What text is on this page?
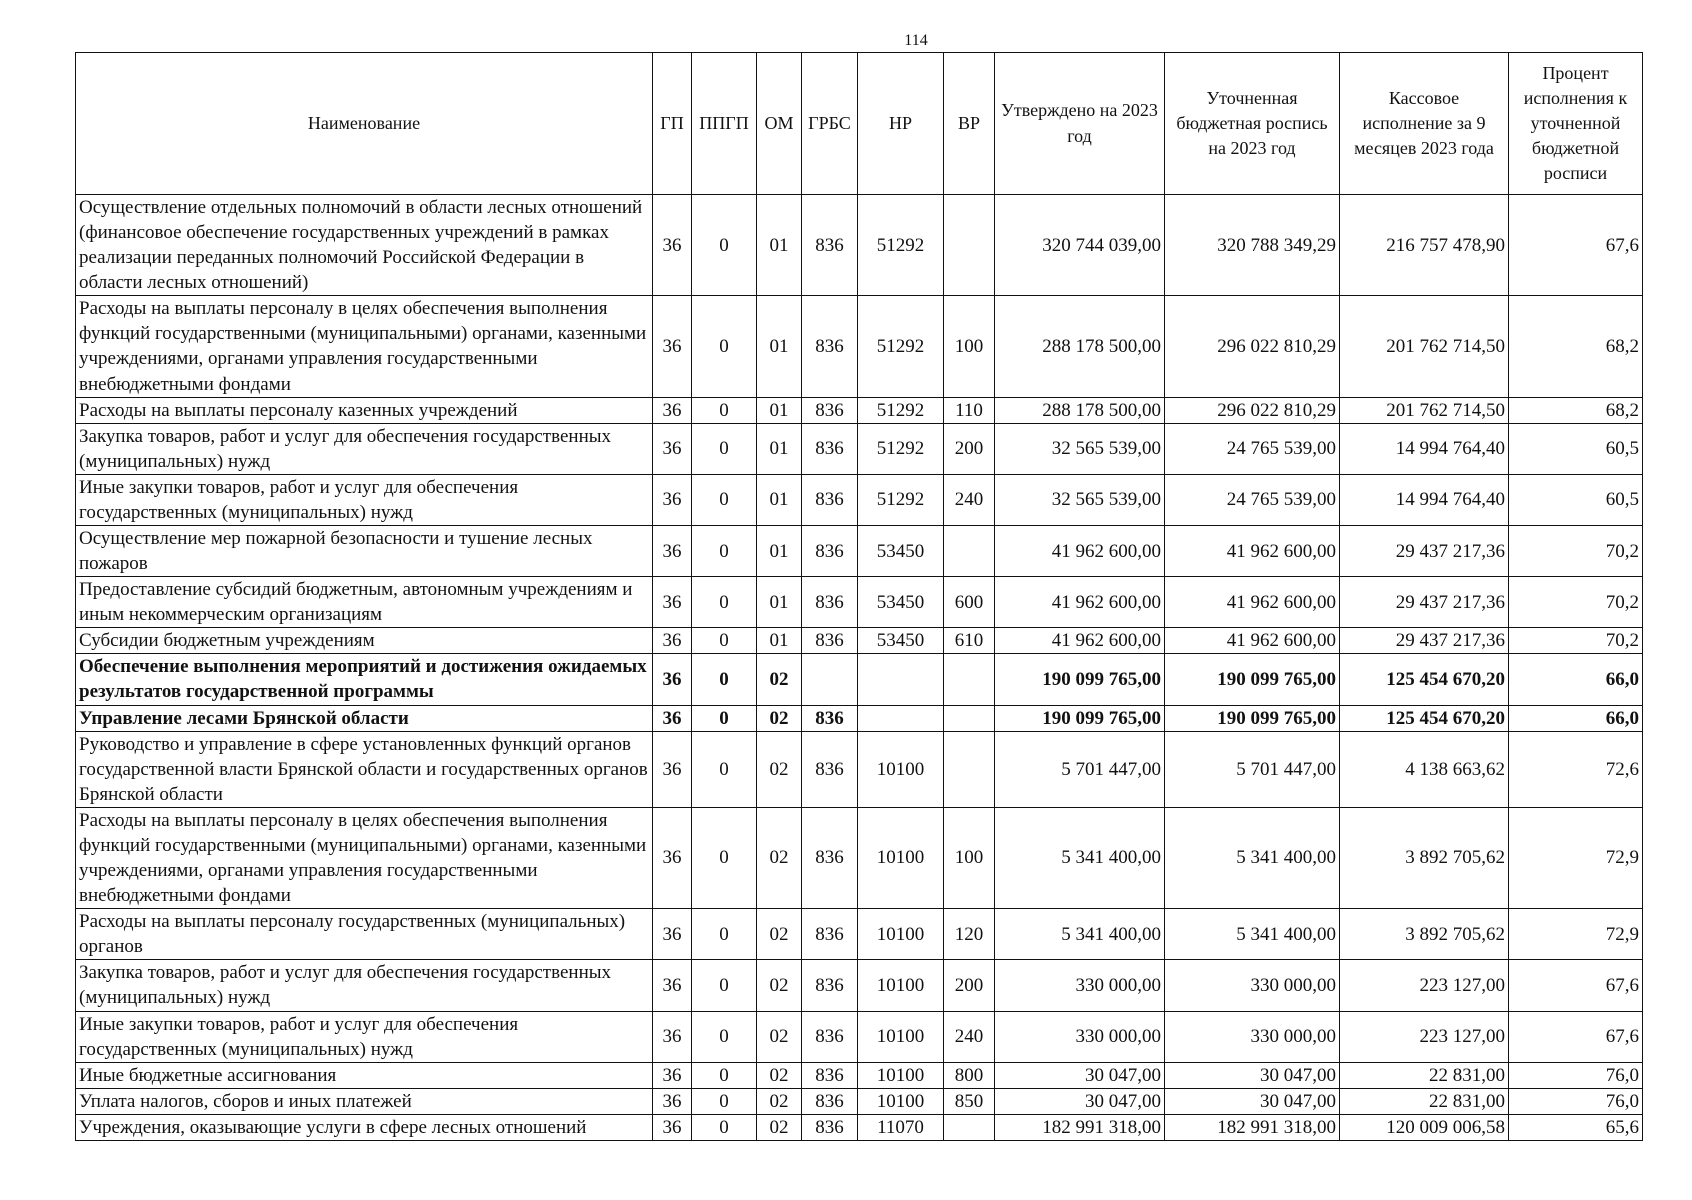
114
Наименование	ГП	ППГП	ОМ	ГРБС	НР	ВР	Утверждено на 2023 год	Уточненная бюджетная роспись на 2023 год	Кассовое исполнение за 9 месяцев 2023 года	Процент исполнения к уточненной бюджетной росписи
Осуществление отдельных полномочий в области лесных отношений (финансовое обеспечение государственных учреждений в рамках реализации переданных полномочий Российской Федерации в области лесных отношений)	36	0	01	836	51292		320 744 039,00	320 788 349,29	216 757 478,90	67,6
Расходы на выплаты персоналу в целях обеспечения выполнения функций государственными (муниципальными) органами, казенными учреждениями, органами управления государственными внебюджетными фондами	36	0	01	836	51292	100	288 178 500,00	296 022 810,29	201 762 714,50	68,2
Расходы на выплаты персоналу казенных учреждений	36	0	01	836	51292	110	288 178 500,00	296 022 810,29	201 762 714,50	68,2
Закупка товаров, работ и услуг для обеспечения государственных (муниципальных) нужд	36	0	01	836	51292	200	32 565 539,00	24 765 539,00	14 994 764,40	60,5
Иные закупки товаров, работ и услуг для обеспечения государственных (муниципальных) нужд	36	0	01	836	51292	240	32 565 539,00	24 765 539,00	14 994 764,40	60,5
Осуществление мер пожарной безопасности и тушение лесных пожаров	36	0	01	836	53450		41 962 600,00	41 962 600,00	29 437 217,36	70,2
Предоставление субсидий бюджетным, автономным учреждениям и иным некоммерческим организациям	36	0	01	836	53450	600	41 962 600,00	41 962 600,00	29 437 217,36	70,2
Субсидии бюджетным учреждениям	36	0	01	836	53450	610	41 962 600,00	41 962 600,00	29 437 217,36	70,2
Обеспечение выполнения мероприятий и достижения ожидаемых результатов государственной программы	36	0	02				190 099 765,00	190 099 765,00	125 454 670,20	66,0
Управление лесами Брянской области	36	0	02	836			190 099 765,00	190 099 765,00	125 454 670,20	66,0
Руководство и управление в сфере установленных функций органов государственной власти Брянской области и государственных органов Брянской области	36	0	02	836	10100		5 701 447,00	5 701 447,00	4 138 663,62	72,6
Расходы на выплаты персоналу в целях обеспечения выполнения функций государственными (муниципальными) органами, казенными учреждениями, органами управления государственными внебюджетными фондами	36	0	02	836	10100	100	5 341 400,00	5 341 400,00	3 892 705,62	72,9
Расходы на выплаты персоналу государственных (муниципальных) органов	36	0	02	836	10100	120	5 341 400,00	5 341 400,00	3 892 705,62	72,9
Закупка товаров, работ и услуг для обеспечения государственных (муниципальных) нужд	36	0	02	836	10100	200	330 000,00	330 000,00	223 127,00	67,6
Иные закупки товаров, работ и услуг для обеспечения государственных (муниципальных) нужд	36	0	02	836	10100	240	330 000,00	330 000,00	223 127,00	67,6
Иные бюджетные ассигнования	36	0	02	836	10100	800	30 047,00	30 047,00	22 831,00	76,0
Уплата налогов, сборов и иных платежей	36	0	02	836	10100	850	30 047,00	30 047,00	22 831,00	76,0
Учреждения, оказывающие услуги в сфере лесных отношений	36	0	02	836	11070		182 991 318,00	182 991 318,00	120 009 006,58	65,6
